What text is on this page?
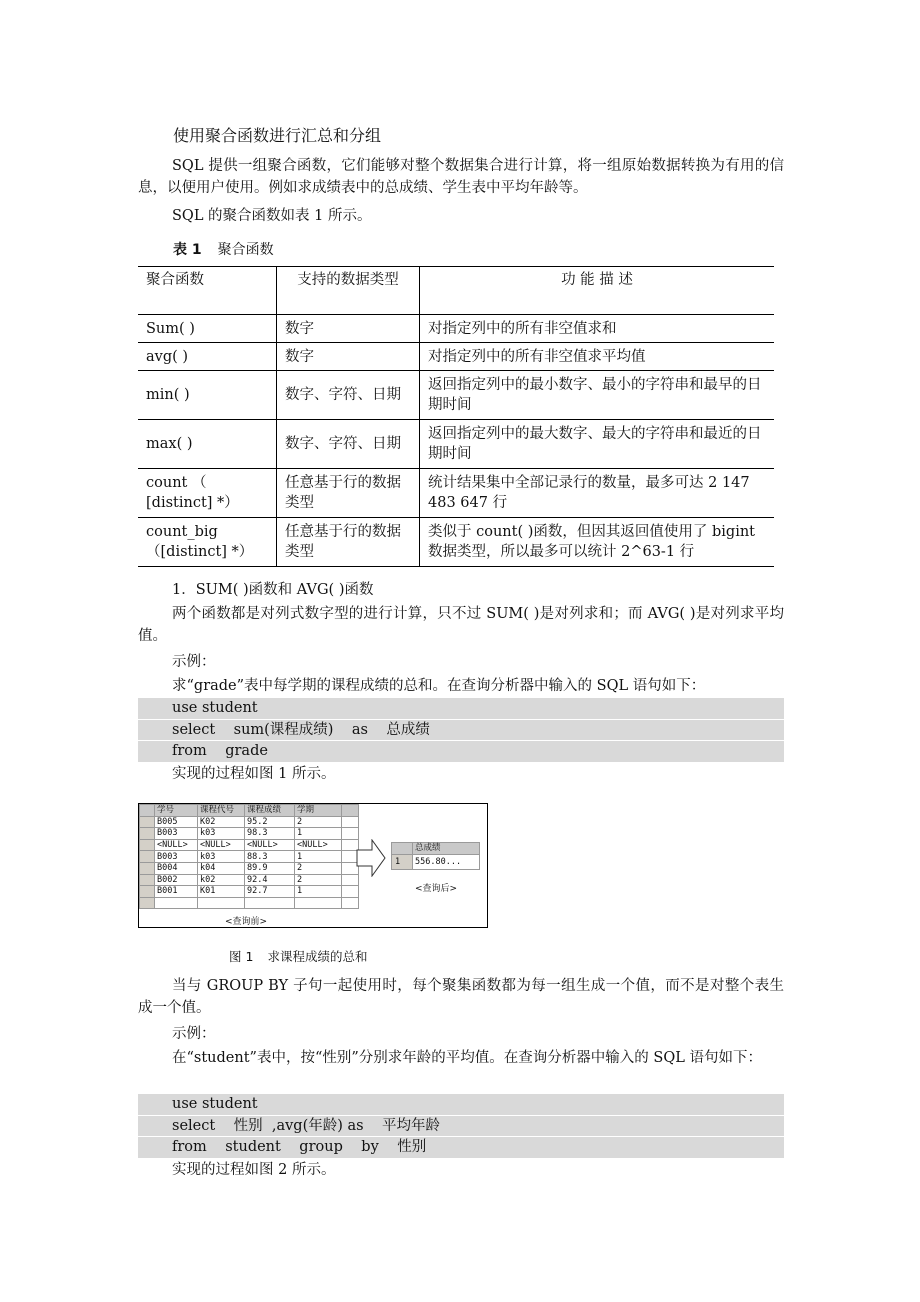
使用聚合函数进行汇总和分组
SQL 提供一组聚合函数，它们能够对整个数据集合进行计算，将一组原始数据转换为有用的信息，以便用户使用。例如求成绩表中的总成绩、学生表中平均年龄等。
SQL 的聚合函数如表 1 所示。
表 1 聚合函数
聚合函数	支持的数据类型	功 能 描 述
Sum( )	数字	对指定列中的所有非空值求和
avg( )	数字	对指定列中的所有非空值求平均值
min( )	数字、字符、日期	返回指定列中的最小数字、最小的字符串和最早的日期时间
max( )	数字、字符、日期	返回指定列中的最大数字、最大的字符串和最近的日期时间
count （ [distinct] *）	任意基于行的数据类型	统计结果集中全部记录行的数量，最多可达 2 147 483 647 行
count_big （[distinct] *）	任意基于行的数据类型	类似于 count( )函数，但因其返回值使用了 bigint 数据类型，所以最多可以统计 2^63-1 行
1．SUM( )函数和 AVG( )函数
两个函数都是对列式数字型的进行计算，只不过 SUM( )是对列求和；而 AVG( )是对列求平均值。
示例：
求“grade”表中每学期的课程成绩的总和。在查询分析器中输入的 SQL 语句如下：
use student
select    sum(课程成绩)    as    总成绩
from    grade
实现的过程如图 1 所示。
	学号	课程代号	课程成绩	学期	
	B005	K02	95.2	2	
	B003	k03	98.3	1	
	<NULL>	<NULL>	<NULL>	<NULL>	
	B003	k03	88.3	1	
	B004	k04	89.9	2	
	B002	k02	92.4	2	
	B001	K01	92.7	1	

<查询前>
	总成绩
1	556.80...
<查询后>
图 1 求课程成绩的总和
当与 GROUP BY 子句一起使用时，每个聚集函数都为每一组生成一个值，而不是对整个表生成一个值。
示例：
在“student”表中，按“性别”分别求年龄的平均值。在查询分析器中输入的 SQL 语句如下：
use student
select    性别  ,avg(年龄) as    平均年龄
from    student    group    by    性别
实现的过程如图 2 所示。
